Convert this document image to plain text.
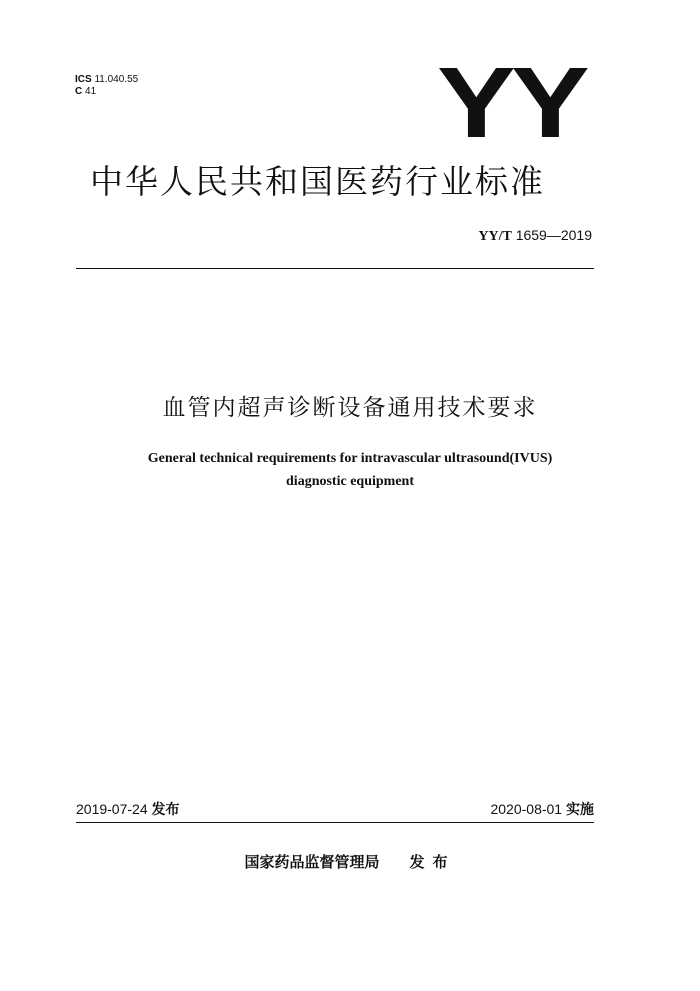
ICS 11.040.55
C 41	YY
中华人民共和国医药行业标准
YY/T 1659—2019
血管内超声诊断设备通用技术要求
General technical requirements for intravascular ultrasound(IVUS)
diagnostic equipment
2019-07-24 发布	2020-08-01 实施
国家药品监督管理局 发布
